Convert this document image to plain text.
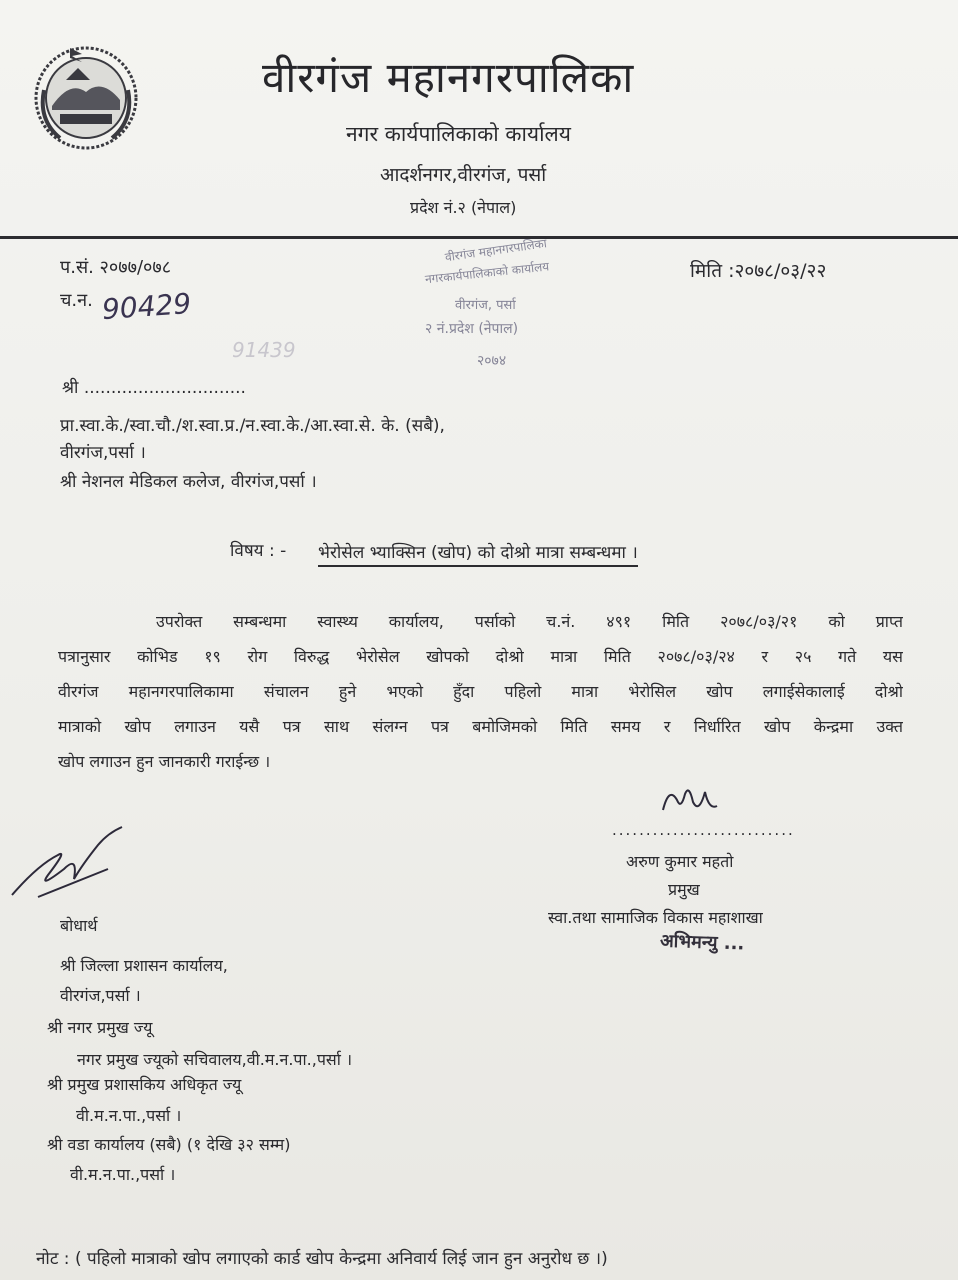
वीरगंज महानगरपालिका
नगर कार्यपालिकाको कार्यालय
आदर्शनगर,वीरगंज, पर्सा
प्रदेश नं.२ (नेपाल)
प.सं. २०७७/०७८	मिति :२०७८/०३/२२
च.न. 90429
91439
वीरगंज महानगरपालिका
नगरकार्यपालिकाको कार्यालय
वीरगंज, पर्सा
२ नं.प्रदेश (नेपाल)
२०७४
श्री ..............................
प्रा.स्वा.के./स्वा.चौ./श.स्वा.प्र./न.स्वा.के./आ.स्वा.से. के. (सबै),
वीरगंज,पर्सा ।
श्री नेशनल मेडिकल कलेज, वीरगंज,पर्सा ।
विषय : - भेरोसेल भ्याक्सिन (खोप) को दोश्रो मात्रा सम्बन्धमा ।
उपरोक्त सम्बन्धमा स्वास्थ्य कार्यालय, पर्साको च.नं. ४९१ मिति २०७८/०३/२१ को प्राप्त
पत्रानुसार कोभिड १९ रोग विरुद्ध भेरोसेल खोपको दोश्रो मात्रा मिति २०७८/०३/२४ र २५ गते यस
वीरगंज महानगरपालिकामा संचालन हुने भएको हुँदा पहिलो मात्रा भेरोसिल खोप लगाईसेकालाई दोश्रो
मात्राको खोप लगाउन यसै पत्र साथ संलग्न पत्र बमोजिमको मिति समय र निर्धारित खोप केन्द्रमा उक्त
खोप लगाउन हुन जानकारी गराईन्छ ।
...........................
अरुण कुमार महतो
प्रमुख
स्वा.तथा सामाजिक विकास महाशाखा
अभिमन्यु ...
बोधार्थ
श्री जिल्ला प्रशासन कार्यालय,
वीरगंज,पर्सा ।
श्री नगर प्रमुख ज्यू
नगर प्रमुख ज्यूको सचिवालय,वी.म.न.पा.,पर्सा ।
श्री प्रमुख प्रशासकिय अधिकृत ज्यू
वी.म.न.पा.,पर्सा ।
श्री वडा कार्यालय (सबै) (१ देखि ३२ सम्म)
वी.म.न.पा.,पर्सा ।
नोट : ( पहिलो मात्राको खोप लगाएको कार्ड खोप केन्द्रमा अनिवार्य लिई जान हुन अनुरोध छ ।)
